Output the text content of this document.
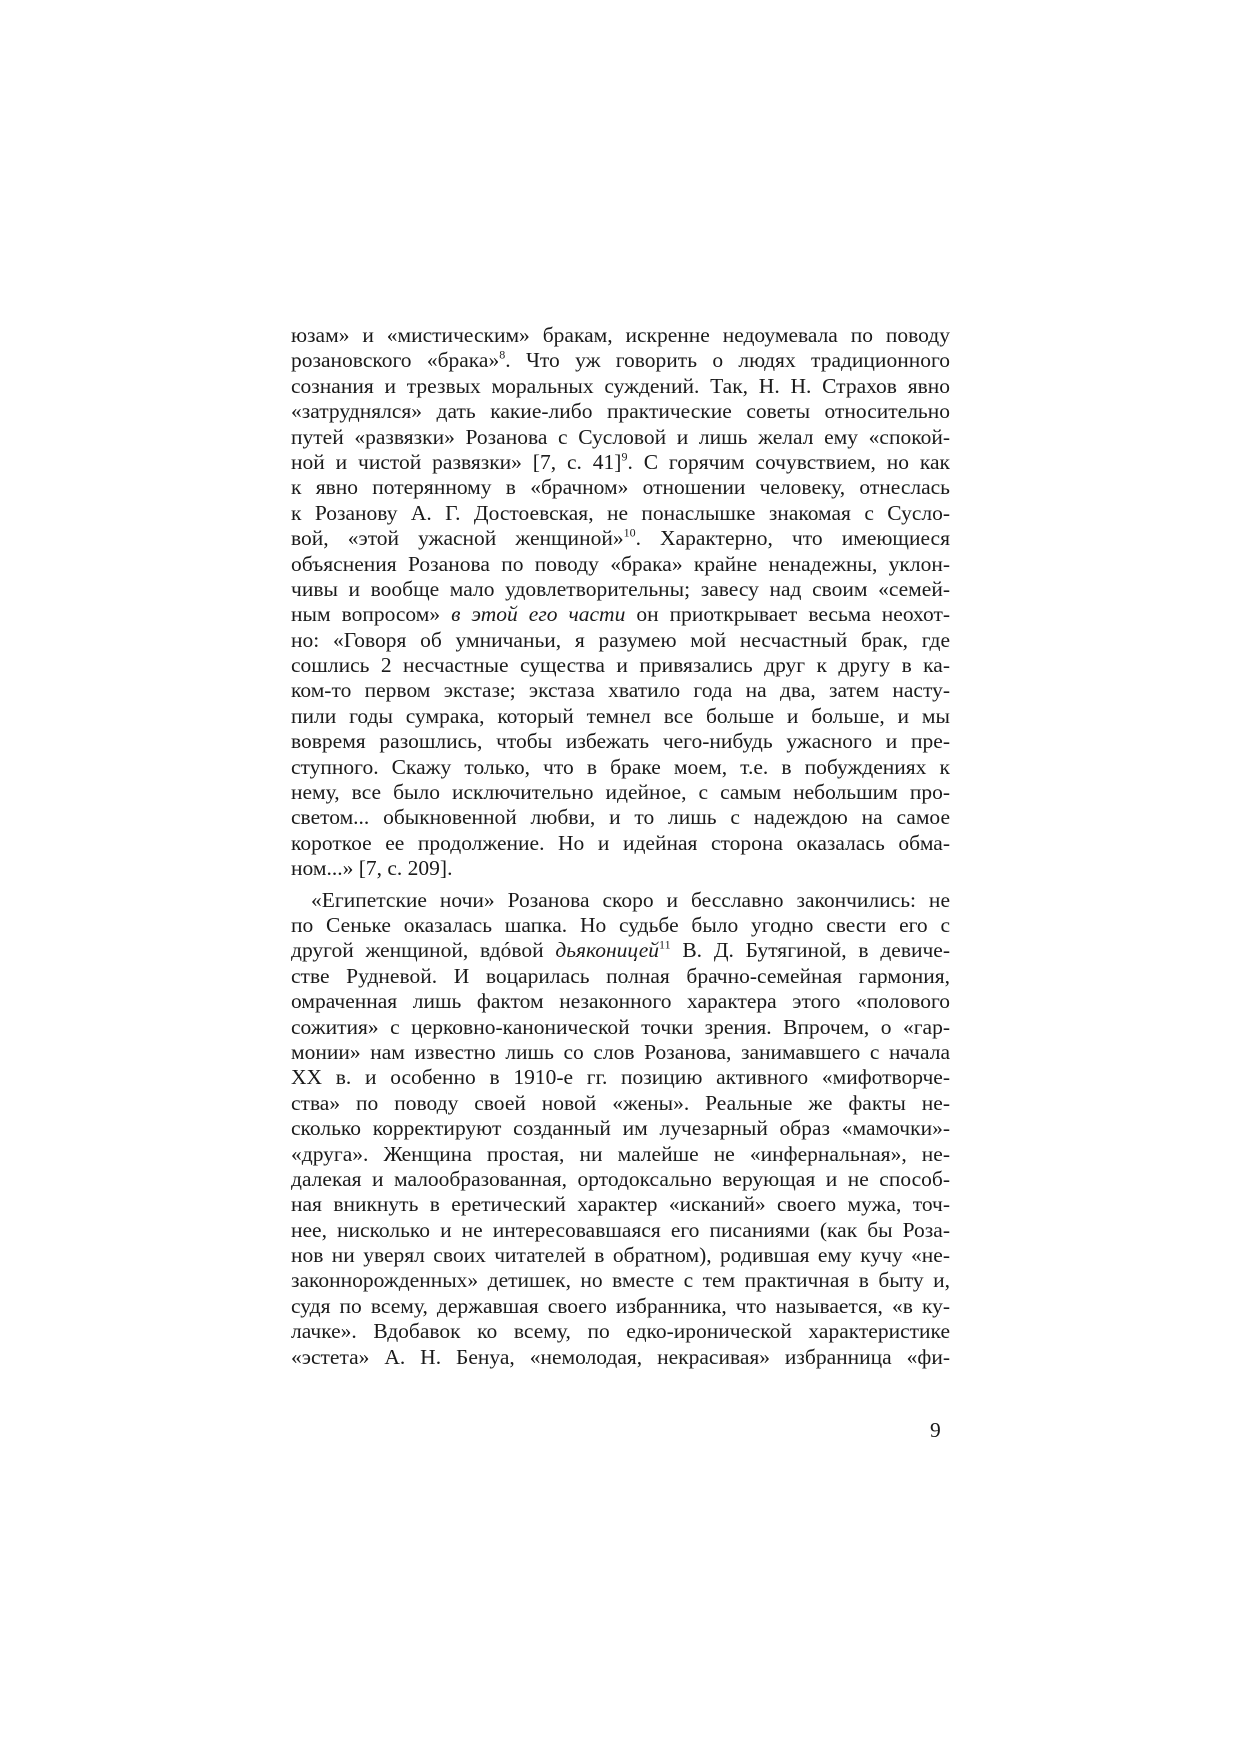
юзам» и «мистическим» бракам, искренне недоумевала по поводу
розановского «брака»$^8$. Что уж говорить о людях традиционного
сознания и трезвых моральных суждений. Так, Н. Н. Страхов явно
«затруднялся» дать какие-либо практические советы относительно
путей «развязки» Розанова с Сусловой и лишь желал ему «спокой-
ной и чистой развязки» [7, с. 41]$^9$. С горячим сочувствием, но как
к явно потерянному в «брачном» отношении человеку, отнеслась
к Розанову А. Г. Достоевская, не понаслышке знакомая с Суслo-
вой, «этой ужасной женщиной»$^{10}$. Характерно, что имеющиеся
объяснения Розанова по поводу «брака» крайне ненадежны, уклон-
чивы и вообще мало удовлетворительны; завесу над своим «семей-
ным вопросом» в этой его части он приоткрывает весьма неохот-
но: «Говоря об умничаньи, я разумею мой несчастный брак, где
сошлись 2 несчастные существа и привязались друг к другу в ка-
ком-то первом экстазе; экстаза хватило года на два, затем насту-
пили годы сумрака, который темнел все больше и больше, и мы
вовремя разошлись, чтобы избежать чего-нибудь ужасного и пре-
ступного. Скажу только, что в браке моем, т.е. в побуждениях к
нему, все было исключительно идейное, с самым небольшим про-
светом... обыкновенной любви, и то лишь с надеждою на самое
короткое ее продолжение. Но и идейная сторона оказалась обма-
ном...» [7, с. 209].
«Египетские ночи» Розанова скоро и бесславно закончились: не
по Сеньке оказалась шапка. Но судьбе было угодно свести его с
другой женщиной, вдóвой дьяконицей$^{11}$ В. Д. Бутягиной, в девиче-
стве Рудневой. И воцарилась полная брачно-семейная гармония,
омраченная лишь фактом незаконного характера этого «полового
сожития» с церковно-канонической точки зрения. Впрочем, о «гар-
монии» нам известно лишь со слов Розанова, занимавшего с начала
XX в. и особенно в 1910-е гг. позицию активного «мифотворче-
ства» по поводу своей новой «жены». Реальные же факты не-
сколько корректируют созданный им лучезарный образ «мамочки»-
«друга». Женщина простая, ни малейше не «инфернальная», не-
далекая и малообразованная, ортодоксально верующая и не способ-
ная вникнуть в еретический характер «исканий» своего мужа, точ-
нее, нисколько и не интересовавшаяся его писаниями (как бы Роза-
нов ни уверял своих читателей в обратном), родившая ему кучу «не-
законнорожденных» детишек, но вместе с тем практичная в быту и,
судя по всему, державшая своего избранника, что называется, «в ку-
лачке». Вдобавок ко всему, по едко-иронической характеристике
«эстета» А. Н. Бенуа, «немолодая, некрасивая» избранница «фи-
9
